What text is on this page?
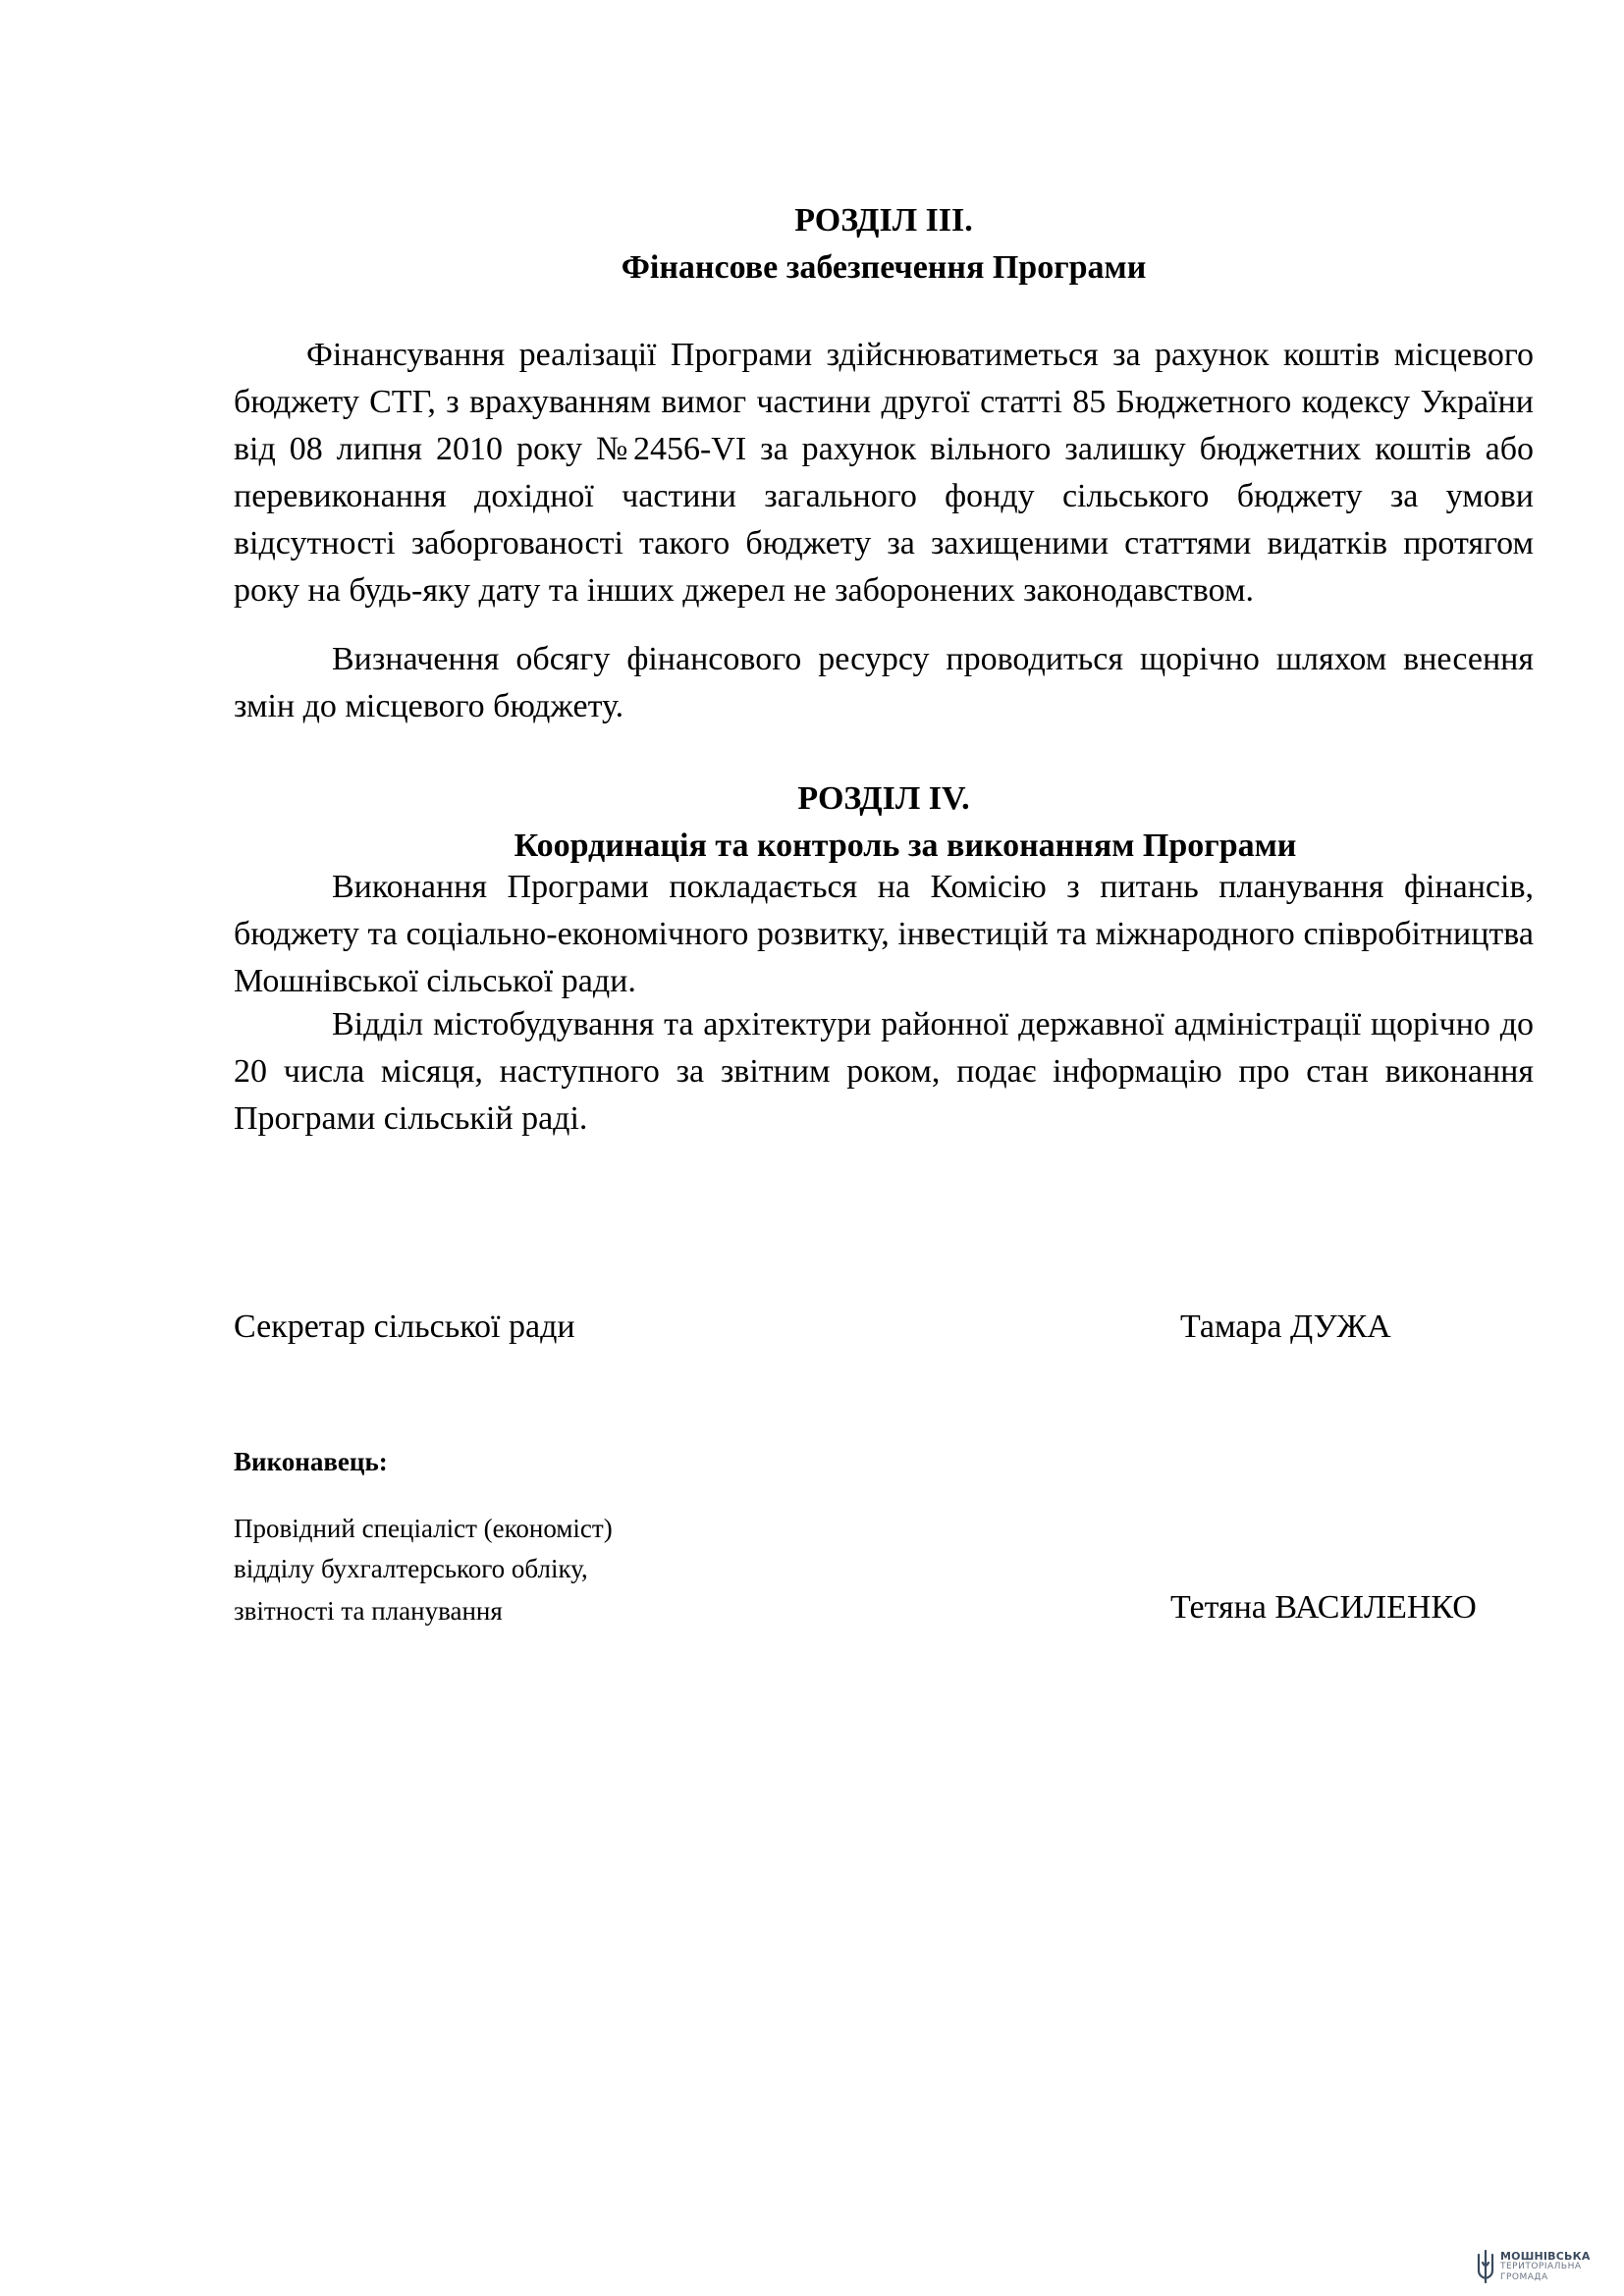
РОЗДІЛ ІІІ.

Фінансове забезпечення Програми

Фінансування реалізації Програми здійснюватиметься за рахунок коштів місцевого бюджету СТГ, з врахуванням вимог частини другої статті 85 Бюджетного кодексу України від 08 липня 2010 року №2456-VI за рахунок вільного залишку бюджетних коштів або перевиконання дохідної частини загального фонду сільського бюджету за умови відсутності заборгованості такого бюджету за захищеними статтями видатків протягом року на будь-яку дату та інших джерел не заборонених законодавством.

Визначення обсягу фінансового ресурсу проводиться щорічно шляхом внесення змін до місцевого бюджету.

РОЗДІЛ ІV.

Координація та контроль за виконанням Програми

Виконання Програми покладається на Комісію з питань планування фінансів, бюджету та соціально-економічного розвитку, інвестицій та міжнародного співробітництва Мошнівської сільської ради.

Відділ містобудування та архітектури районної державної адміністрації щорічно до 20 числа місяця, наступного за звітним роком, подає інформацію про стан виконання Програми сільській раді.

Секретар сільської ради	Тамара ДУЖА

Виконавець:

Провідний спеціаліст (економіст)

відділу бухгалтерського обліку,

звітності та планування	Тетяна ВАСИЛЕНКО

МОШНІВСЬКА
ТЕРИТОРІАЛЬНА
ГРОМАДА
